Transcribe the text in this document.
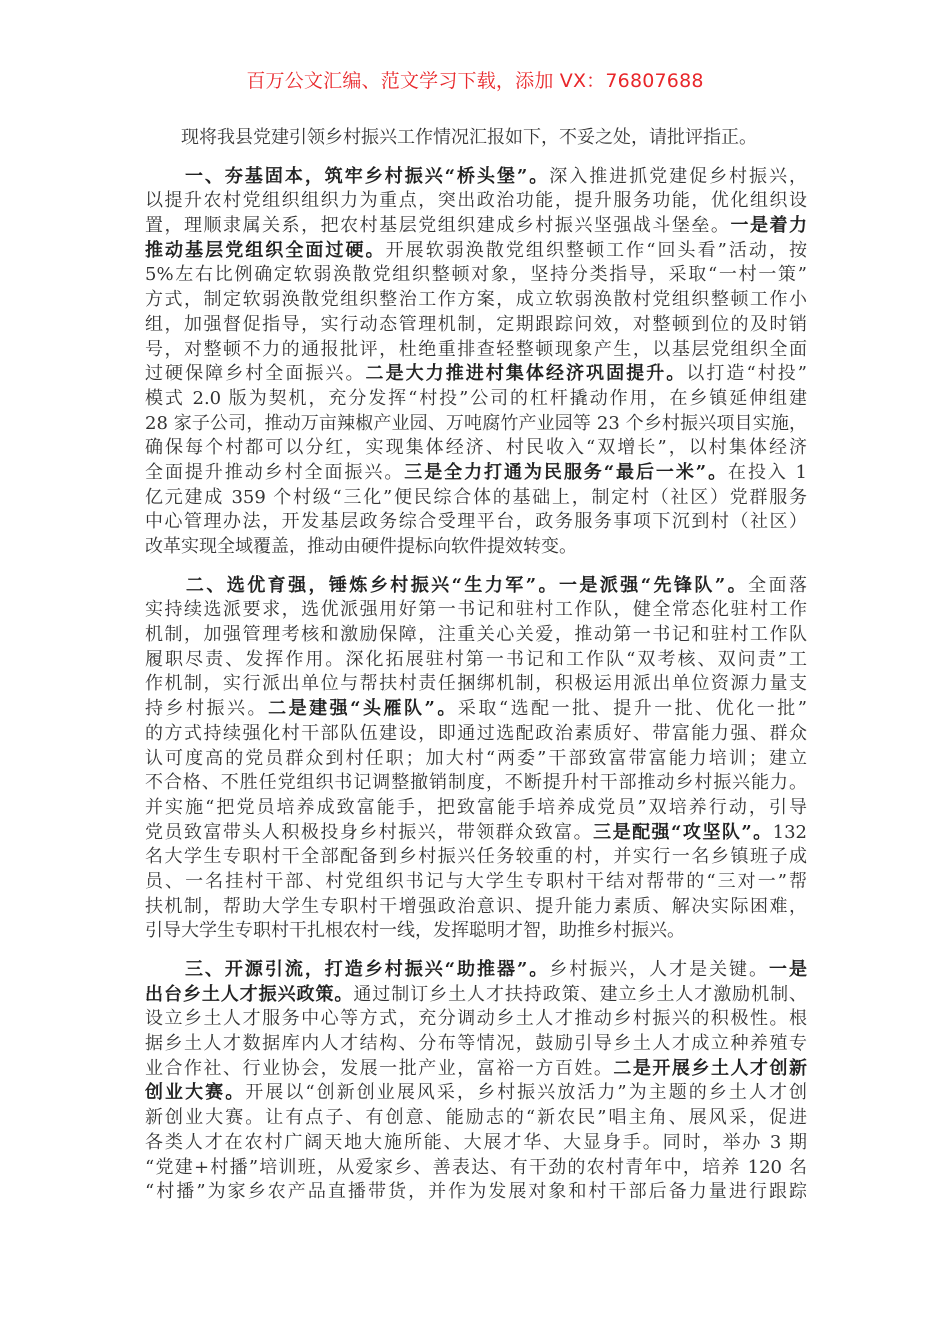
百万公文汇编、范文学习下载，添加 VX：76807688
　　现将我县党建引领乡村振兴工作情况汇报如下，不妥之处，请批评指正。
　　一、夯基固本，筑牢乡村振兴“桥头堡”。深入推进抓党建促乡村振兴，
以提升农村党组织组织力为重点，突出政治功能，提升服务功能，优化组织设
置，理顺隶属关系，把农村基层党组织建成乡村振兴坚强战斗堡垒。一是着力
推动基层党组织全面过硬。开展软弱涣散党组织整顿工作“回头看”活动，按
5%左右比例确定软弱涣散党组织整顿对象，坚持分类指导，采取“一村一策”
方式，制定软弱涣散党组织整治工作方案，成立软弱涣散村党组织整顿工作小
组，加强督促指导，实行动态管理机制，定期跟踪问效，对整顿到位的及时销
号，对整顿不力的通报批评，杜绝重排查轻整顿现象产生，以基层党组织全面
过硬保障乡村全面振兴。二是大力推进村集体经济巩固提升。以打造“村投”
模式 2.0 版为契机，充分发挥“村投”公司的杠杆撬动作用，在乡镇延伸组建
28 家子公司，推动万亩辣椒产业园、万吨腐竹产业园等 23 个乡村振兴项目实施，
确保每个村都可以分红，实现集体经济、村民收入“双增长”，以村集体经济
全面提升推动乡村全面振兴。三是全力打通为民服务“最后一米”。在投入 1
亿元建成 359 个村级“三化”便民综合体的基础上，制定村（社区）党群服务
中心管理办法，开发基层政务综合受理平台，政务服务事项下沉到村（社区）
改革实现全域覆盖，推动由硬件提标向软件提效转变。
　　二、选优育强，锤炼乡村振兴“生力军”。一是派强“先锋队”。全面落
实持续选派要求，选优派强用好第一书记和驻村工作队，健全常态化驻村工作
机制，加强管理考核和激励保障，注重关心关爱，推动第一书记和驻村工作队
履职尽责、发挥作用。深化拓展驻村第一书记和工作队“双考核、双问责”工
作机制，实行派出单位与帮扶村责任捆绑机制，积极运用派出单位资源力量支
持乡村振兴。二是建强“头雁队”。采取“选配一批、提升一批、优化一批”
的方式持续强化村干部队伍建设，即通过选配政治素质好、带富能力强、群众
认可度高的党员群众到村任职；加大村“两委”干部致富带富能力培训；建立
不合格、不胜任党组织书记调整撤销制度，不断提升村干部推动乡村振兴能力。
并实施“把党员培养成致富能手，把致富能手培养成党员”双培养行动，引导
党员致富带头人积极投身乡村振兴，带领群众致富。三是配强“攻坚队”。132
名大学生专职村干全部配备到乡村振兴任务较重的村，并实行一名乡镇班子成
员、一名挂村干部、村党组织书记与大学生专职村干结对帮带的“三对一”帮
扶机制，帮助大学生专职村干增强政治意识、提升能力素质、解决实际困难，
引导大学生专职村干扎根农村一线，发挥聪明才智，助推乡村振兴。
　　三、开源引流，打造乡村振兴“助推器”。乡村振兴，人才是关键。一是
出台乡土人才振兴政策。通过制订乡土人才扶持政策、建立乡土人才激励机制、
设立乡土人才服务中心等方式，充分调动乡土人才推动乡村振兴的积极性。根
据乡土人才数据库内人才结构、分布等情况，鼓励引导乡土人才成立种养殖专
业合作社、行业协会，发展一批产业，富裕一方百姓。二是开展乡土人才创新
创业大赛。开展以“创新创业展风采，乡村振兴放活力”为主题的乡土人才创
新创业大赛。让有点子、有创意、能励志的“新农民”唱主角、展风采，促进
各类人才在农村广阔天地大施所能、大展才华、大显身手。同时，举办 3 期
“党建+村播”培训班，从爱家乡、善表达、有干劲的农村青年中，培养 120 名
“村播”为家乡农产品直播带货，并作为发展对象和村干部后备力量进行跟踪
